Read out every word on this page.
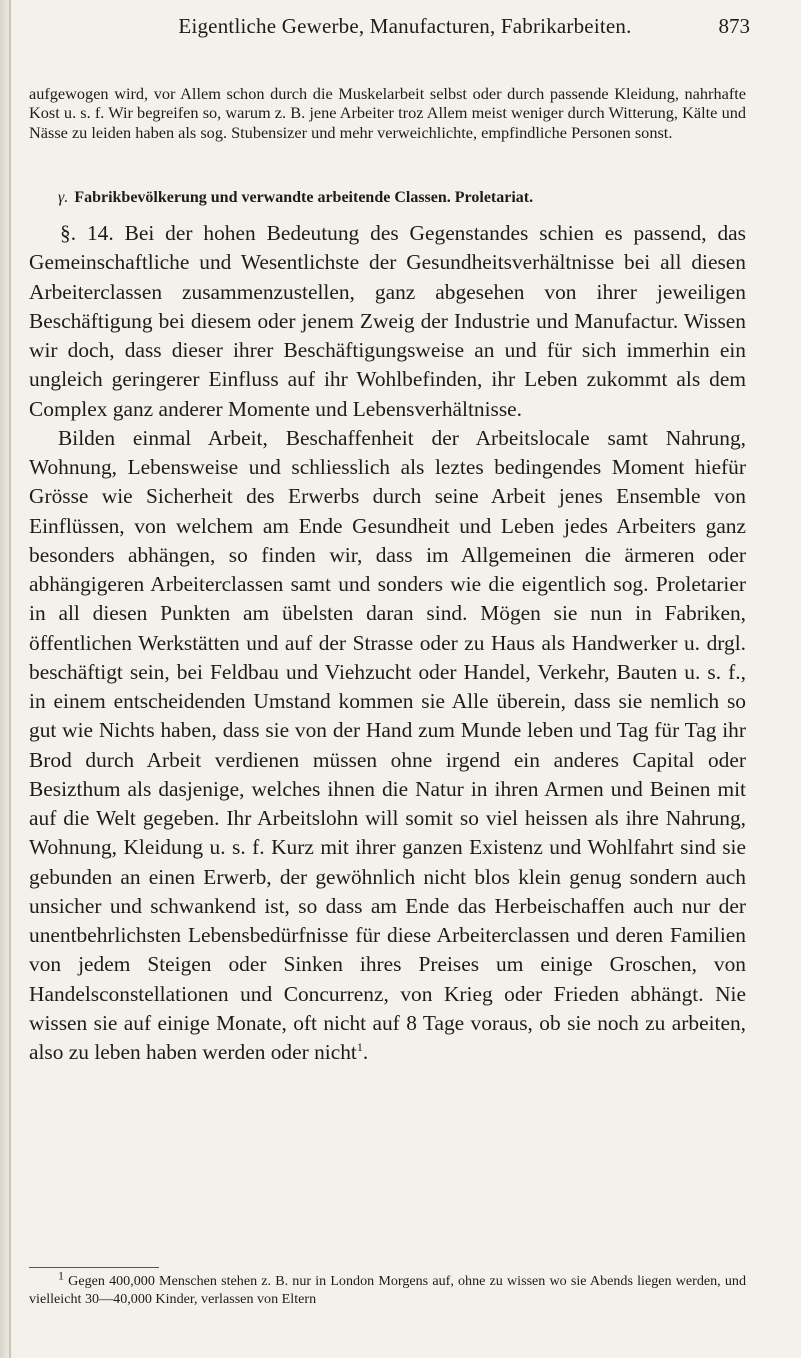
Eigentliche Gewerbe, Manufacturen, Fabrikarbeiten.	873
aufgewogen wird, vor Allem schon durch die Muskelarbeit selbst oder durch passende Kleidung, nahrhafte Kost u. s. f. Wir begreifen so, warum z. B. jene Arbeiter troz Allem meist weniger durch Witterung, Kälte und Nässe zu leiden haben als sog. Stubensizer und mehr verweichlichte, empfindliche Personen sonst.
γ. Fabrikbevölkerung und verwandte arbeitende Classen. Proletariat.

§. 14. Bei der hohen Bedeutung des Gegenstandes schien es passend, das Gemeinschaftliche und Wesentlichste der Gesundheitsverhältnisse bei all diesen Arbeiterclassen zusammenzustellen, ganz abgesehen von ihrer jeweiligen Beschäftigung bei diesem oder jenem Zweig der Industrie und Manufactur. Wissen wir doch, dass dieser ihrer Beschäftigungsweise an und für sich immerhin ein ungleich geringerer Einfluss auf ihr Wohlbefinden, ihr Leben zukommt als dem Complex ganz anderer Momente und Lebensverhältnisse.

Bilden einmal Arbeit, Beschaffenheit der Arbeitslocale samt Nahrung, Wohnung, Lebensweise und schliesslich als leztes bedingendes Moment hiefür Grösse wie Sicherheit des Erwerbs durch seine Arbeit jenes Ensemble von Einflüssen, von welchem am Ende Gesundheit und Leben jedes Arbeiters ganz besonders abhängen, so finden wir, dass im Allgemeinen die ärmeren oder abhängigeren Arbeiterclassen samt und sonders wie die eigentlich sog. Proletarier in all diesen Punkten am übelsten daran sind. Mögen sie nun in Fabriken, öffentlichen Werkstätten und auf der Strasse oder zu Haus als Handwerker u. drgl. beschäftigt sein, bei Feldbau und Viehzucht oder Handel, Verkehr, Bauten u. s. f., in einem entscheidenden Umstand kommen sie Alle überein, dass sie nemlich so gut wie Nichts haben, dass sie von der Hand zum Munde leben und Tag für Tag ihr Brod durch Arbeit verdienen müssen ohne irgend ein anderes Capital oder Besizthum als dasjenige, welches ihnen die Natur in ihren Armen und Beinen mit auf die Welt gegeben. Ihr Arbeitslohn will somit so viel heissen als ihre Nahrung, Wohnung, Kleidung u. s. f. Kurz mit ihrer ganzen Existenz und Wohlfahrt sind sie gebunden an einen Erwerb, der gewöhnlich nicht blos klein genug sondern auch unsicher und schwankend ist, so dass am Ende das Herbeischaffen auch nur der unentbehrlichsten Lebensbedürfnisse für diese Arbeiterclassen und deren Familien von jedem Steigen oder Sinken ihres Preises um einige Groschen, von Handelsconstellationen und Concurrenz, von Krieg oder Frieden abhängt. Nie wissen sie auf einige Monate, oft nicht auf 8 Tage voraus, ob sie noch zu arbeiten, also zu leben haben werden oder nicht$^1$.

1 Gegen 400,000 Menschen stehen z. B. nur in London Morgens auf, ohne zu wissen wo sie Abends liegen werden, und vielleicht 30—40,000 Kinder, verlassen von Eltern
